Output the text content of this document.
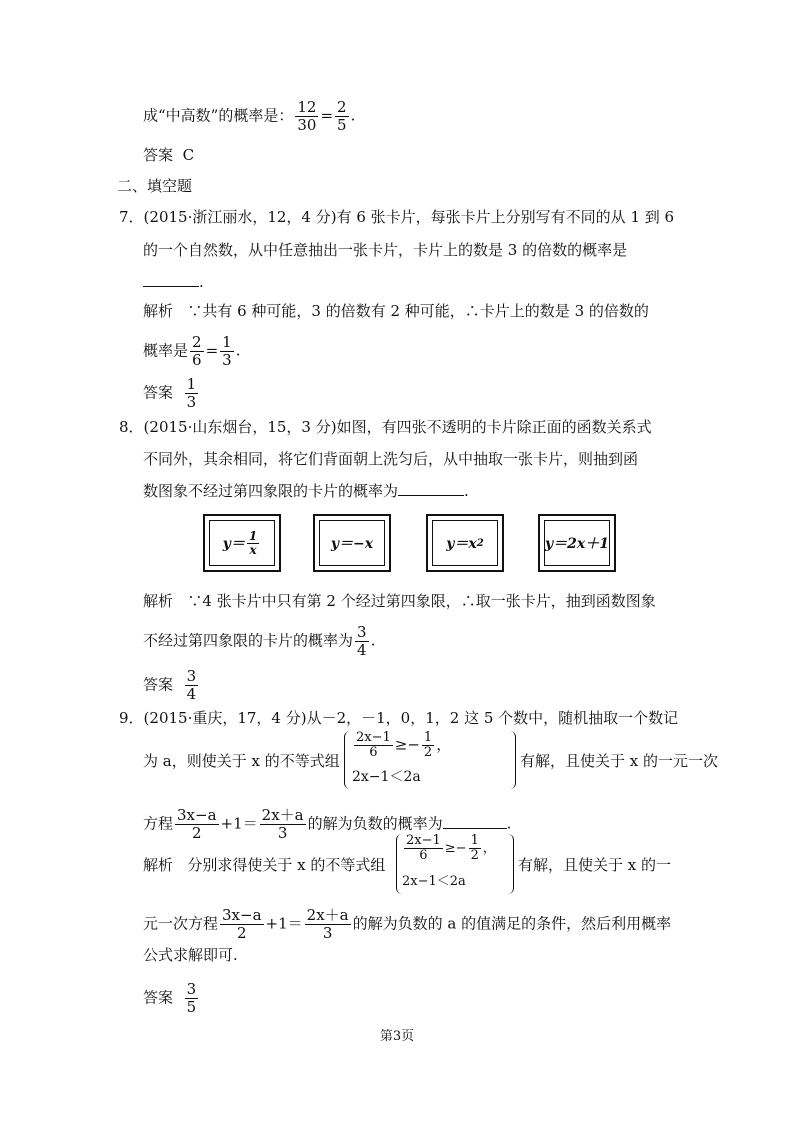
成“中高数”的概率是： $\frac{12}{30} = \frac{2}{5}$ .
答案 C
二、填空题
7．(2015·浙江丽水，12，4 分)有 6 张卡片，每张卡片上分别写有不同的从 1 到 6
的一个自然数，从中任意抽出一张卡片，卡片上的数是 3 的倍数的概率是
.
解析 ∵共有 6 种可能，3 的倍数有 2 种可能，∴卡片上的数是 3 的倍数的
概率是 $\frac{2}{6} = \frac{1}{3}$ .
答案 $\frac{1}{3}$
8．(2015·山东烟台，15，3 分)如图，有四张不透明的卡片除正面的函数关系式
不同外，其余相同，将它们背面朝上洗匀后，从中抽取一张卡片，则抽到函
数图象不经过第四象限的卡片的概率为	.
$y= \frac{1}{x}$	y＝−x	y＝x 2	y＝2x＋1
解析 ∵4 张卡片中只有第 2 个经过第四象限，∴取一张卡片，抽到函数图象
不经过第四象限的卡片的概率为 $\frac{3}{4}$ .
答案 $\frac{3}{4}$
9．(2015·重庆，17，4 分)从－2，－1，0，1，2 这 5 个数中，随机抽取一个数记
为 a，则使关于 x 的不等式组
$\frac{2x-1}{6} \ge- \frac{1}{2}$ ，
2x−1＜2a
有解，且使关于 x 的一元一次
方程 $\frac{3x-a}{2} +1= \frac{2x+a}{3}$ 的解为负数的概率为	.
解析 分别求得使关于 x 的不等式组
$\frac{2x-1}{6} \ge- \frac{1}{2}$ ，
2x−1＜2a
有解，且使关于 x 的一
元一次方程 $\frac{3x-a}{2} +1= \frac{2x+a}{3}$ 的解为负数的 a 的值满足的条件，然后利用概率
公式求解即可.
答案 $\frac{3}{5}$
第3页
